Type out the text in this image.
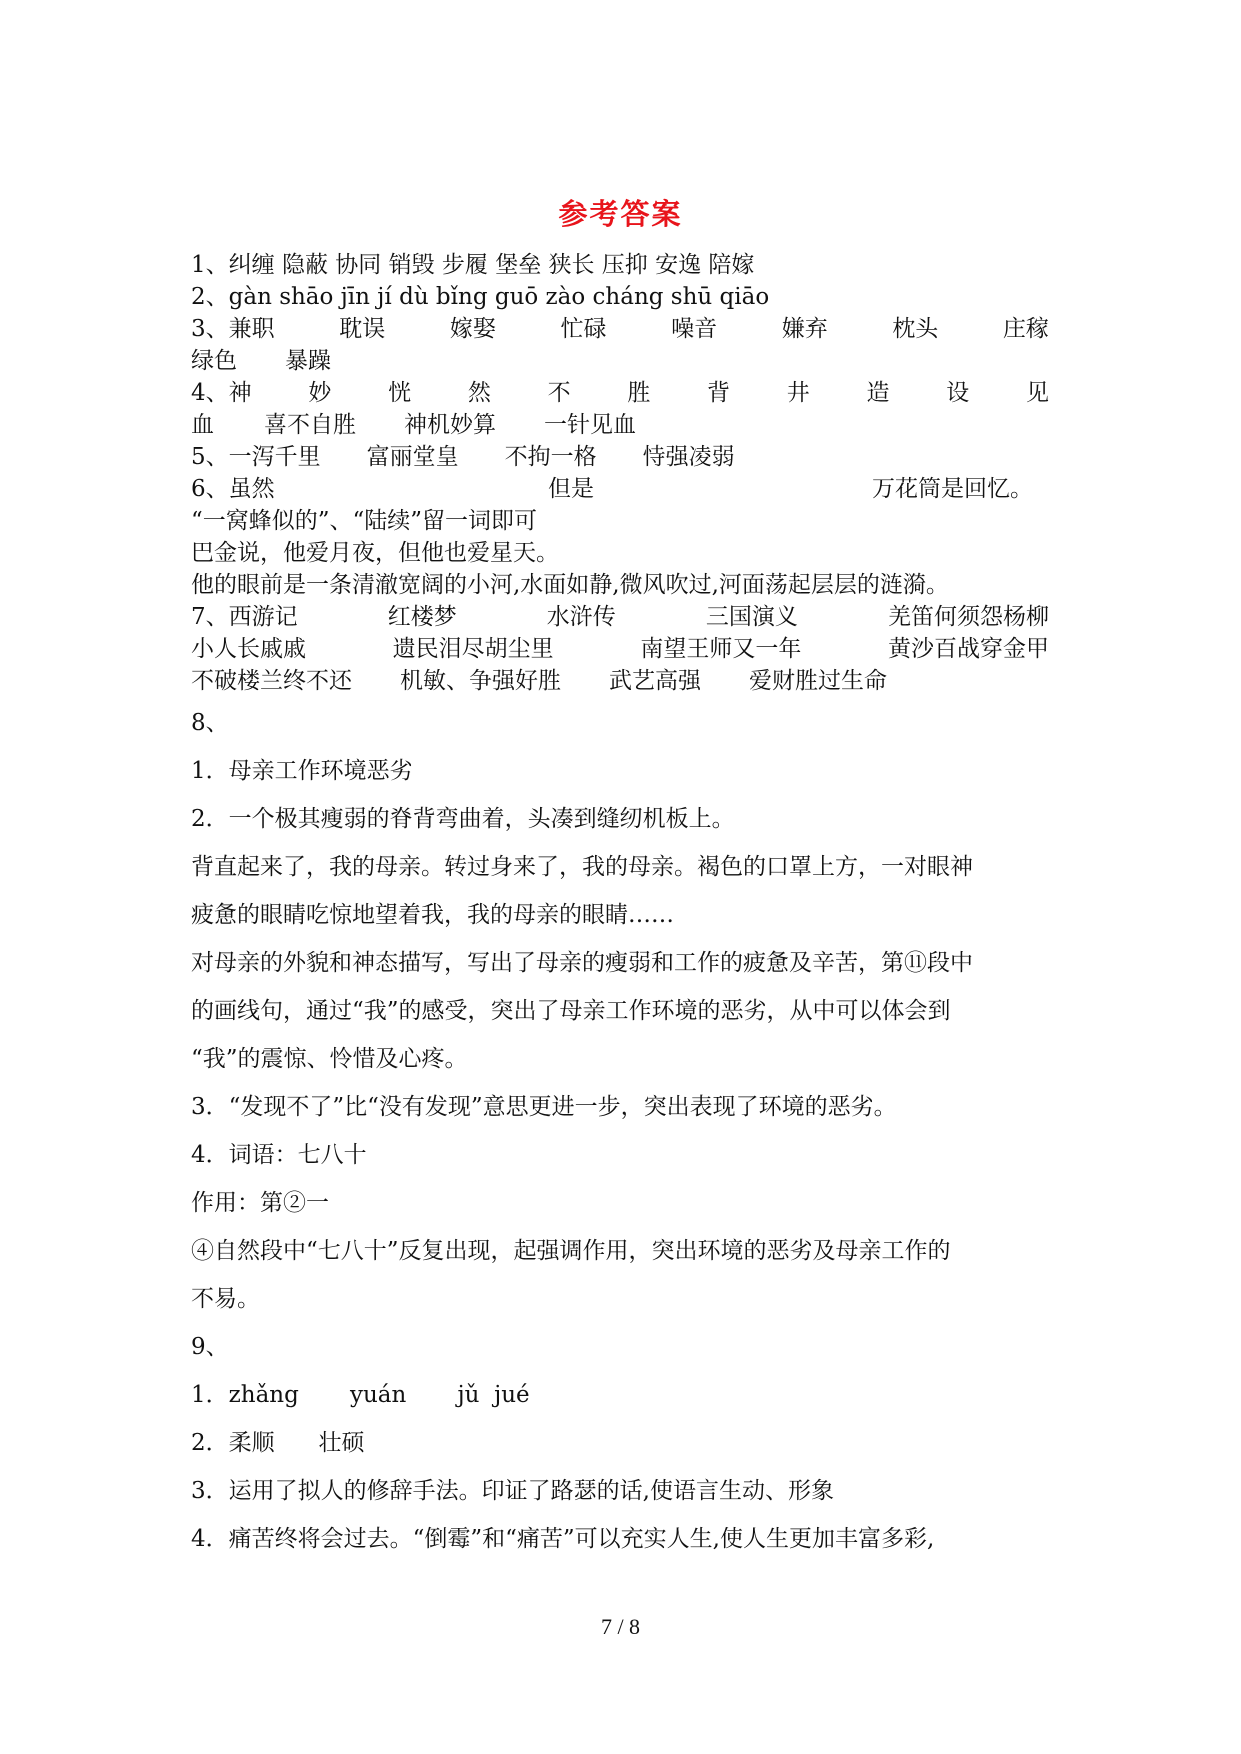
参考答案
1、纠缠 隐蔽 协同 销毁 步履 堡垒 狭长 压抑 安逸 陪嫁
2、gàn shāo jīn jí dù bǐng guō zào cháng shū qiāo
3、兼职	耽误	嫁娶	忙碌	噪音	嫌弃	枕头	庄稼
绿色 暴躁
4、神 妙 恍 然 不 胜 背 井 造 设 见
血 喜不自胜 神机妙算 一针见血
5、一泻千里 富丽堂皇 不拘一格 恃强凌弱
6、虽然	但是	万花筒是回忆。
“一窝蜂似的”、“陆续”留一词即可
巴金说，他爱月夜，但他也爱星天。
他的眼前是一条清澈宽阔的小河,水面如静,微风吹过,河面荡起层层的涟漪。
7、西游记	红楼梦	水浒传	三国演义	羌笛何须怨杨柳
小人长戚戚	遗民泪尽胡尘里	南望王师又一年	黄沙百战穿金甲
不破楼兰终不还 机敏、争强好胜 武艺高强 爱财胜过生命
8、
1．母亲工作环境恶劣
2．一个极其瘦弱的脊背弯曲着，头凑到缝纫机板上。
背直起来了，我的母亲。转过身来了，我的母亲。褐色的口罩上方，一对眼神
疲惫的眼睛吃惊地望着我，我的母亲的眼睛……
对母亲的外貌和神态描写，写出了母亲的瘦弱和工作的疲惫及辛苦，第⑪段中
的画线句，通过“我”的感受，突出了母亲工作环境的恶劣，从中可以体会到
“我”的震惊、怜惜及心疼。
3．“发现不了”比“没有发现”意思更进一步，突出表现了环境的恶劣。
4．词语：七八十
作用：第②一
④自然段中“七八十”反复出现，起强调作用，突出环境的恶劣及母亲工作的
不易。
9、
1．zhǎng       yuán       jǔ  jué
2．柔顺      壮硕
3．运用了拟人的修辞手法。印证了路瑟的话,使语言生动、形象
4．痛苦终将会过去。“倒霉”和“痛苦”可以充实人生,使人生更加丰富多彩,
7 / 8
